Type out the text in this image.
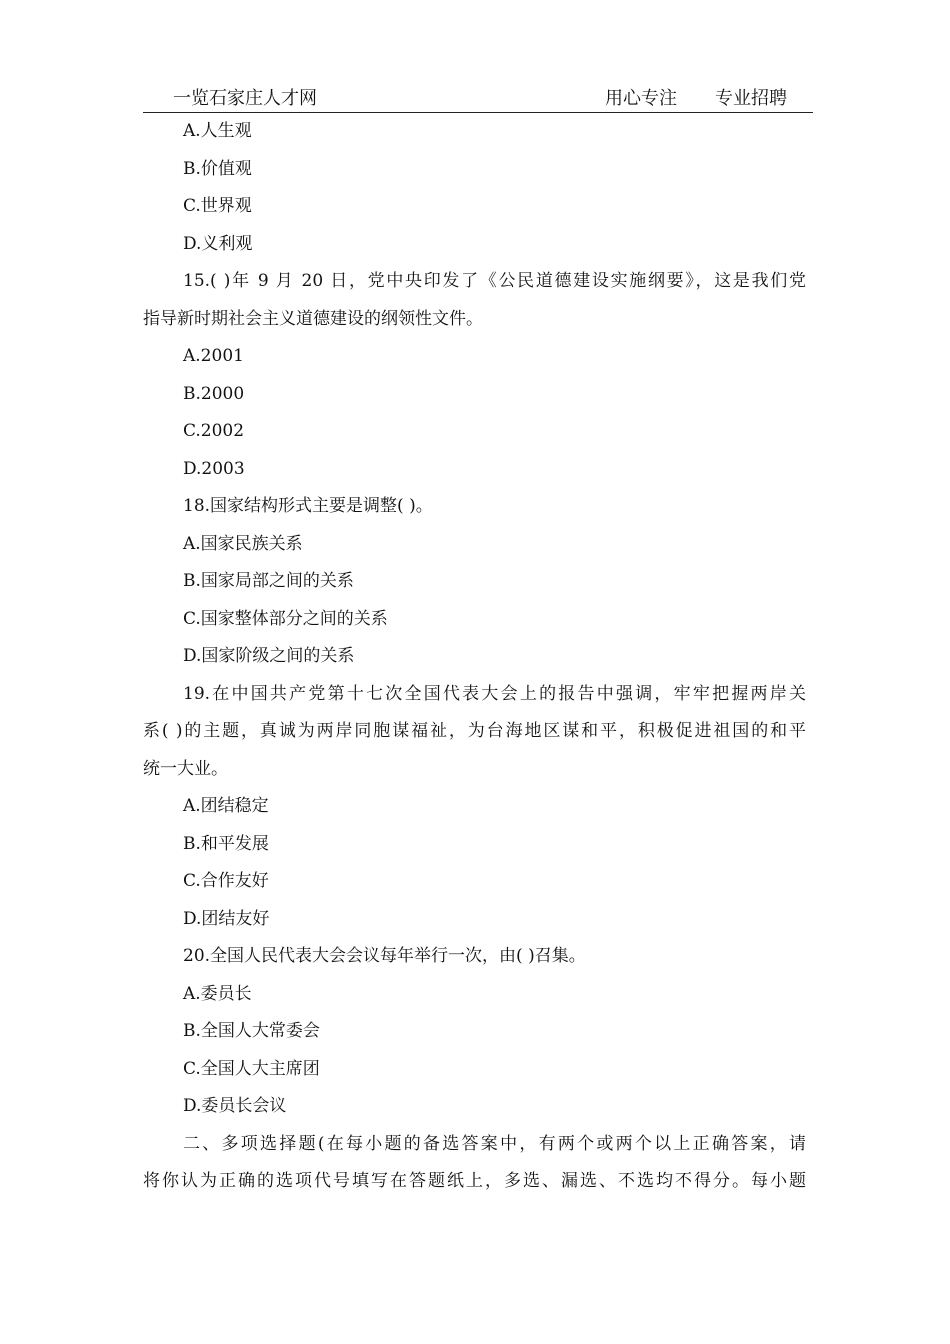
一览石家庄人才网	用心专注 专业招聘
A.人生观
B.价值观
C.世界观
D.义利观
15.( )年 9 月 20 日，党中央印发了《公民道德建设实施纲要》，这是我们党
指导新时期社会主义道德建设的纲领性文件。
A.2001
B.2000
C.2002
D.2003
18.国家结构形式主要是调整( )。
A.国家民族关系
B.国家局部之间的关系
C.国家整体部分之间的关系
D.国家阶级之间的关系
19.在中国共产党第十七次全国代表大会上的报告中强调，牢牢把握两岸关
系( )的主题，真诚为两岸同胞谋福祉，为台海地区谋和平，积极促进祖国的和平
统一大业。
A.团结稳定
B.和平发展
C.合作友好
D.团结友好
20.全国人民代表大会会议每年举行一次，由( )召集。
A.委员长
B.全国人大常委会
C.全国人大主席团
D.委员长会议
二、多项选择题(在每小题的备选答案中，有两个或两个以上正确答案，请
将你认为正确的选项代号填写在答题纸上，多选、漏选、不选均不得分。每小题
